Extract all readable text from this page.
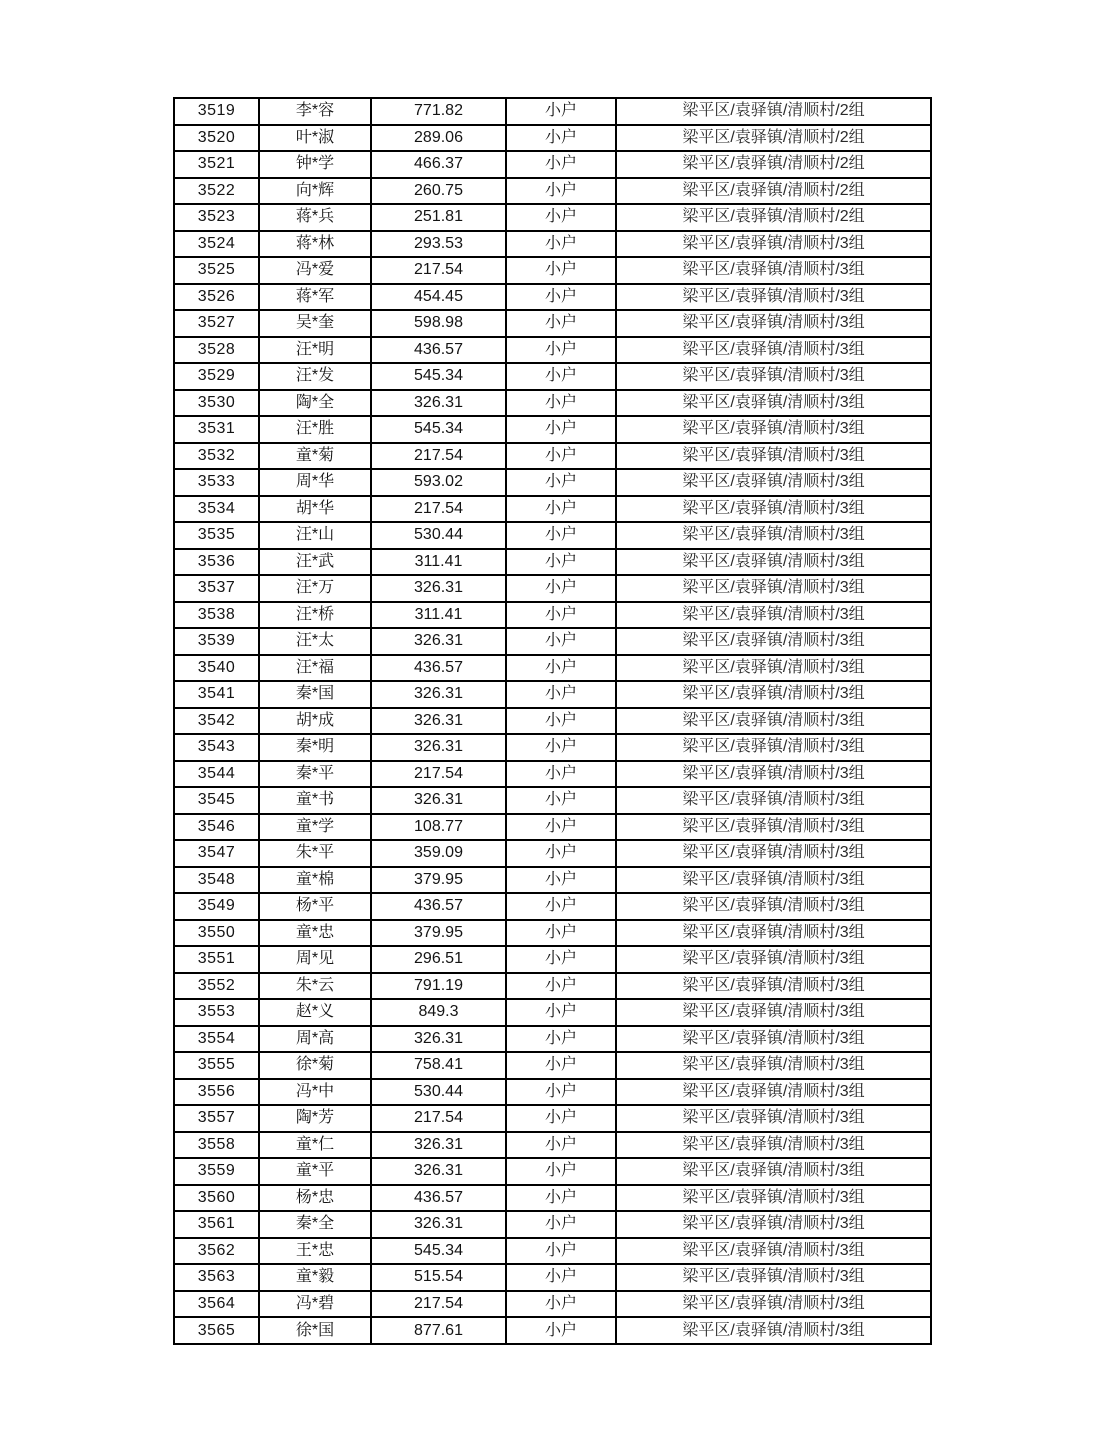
3519	李*容	771.82	小户	梁平区/袁驿镇/清顺村/2组
3520	叶*淑	289.06	小户	梁平区/袁驿镇/清顺村/2组
3521	钟*学	466.37	小户	梁平区/袁驿镇/清顺村/2组
3522	向*辉	260.75	小户	梁平区/袁驿镇/清顺村/2组
3523	蒋*兵	251.81	小户	梁平区/袁驿镇/清顺村/2组
3524	蒋*林	293.53	小户	梁平区/袁驿镇/清顺村/3组
3525	冯*爱	217.54	小户	梁平区/袁驿镇/清顺村/3组
3526	蒋*军	454.45	小户	梁平区/袁驿镇/清顺村/3组
3527	吴*奎	598.98	小户	梁平区/袁驿镇/清顺村/3组
3528	汪*明	436.57	小户	梁平区/袁驿镇/清顺村/3组
3529	汪*发	545.34	小户	梁平区/袁驿镇/清顺村/3组
3530	陶*全	326.31	小户	梁平区/袁驿镇/清顺村/3组
3531	汪*胜	545.34	小户	梁平区/袁驿镇/清顺村/3组
3532	童*菊	217.54	小户	梁平区/袁驿镇/清顺村/3组
3533	周*华	593.02	小户	梁平区/袁驿镇/清顺村/3组
3534	胡*华	217.54	小户	梁平区/袁驿镇/清顺村/3组
3535	汪*山	530.44	小户	梁平区/袁驿镇/清顺村/3组
3536	汪*武	311.41	小户	梁平区/袁驿镇/清顺村/3组
3537	汪*万	326.31	小户	梁平区/袁驿镇/清顺村/3组
3538	汪*桥	311.41	小户	梁平区/袁驿镇/清顺村/3组
3539	汪*太	326.31	小户	梁平区/袁驿镇/清顺村/3组
3540	汪*福	436.57	小户	梁平区/袁驿镇/清顺村/3组
3541	秦*国	326.31	小户	梁平区/袁驿镇/清顺村/3组
3542	胡*成	326.31	小户	梁平区/袁驿镇/清顺村/3组
3543	秦*明	326.31	小户	梁平区/袁驿镇/清顺村/3组
3544	秦*平	217.54	小户	梁平区/袁驿镇/清顺村/3组
3545	童*书	326.31	小户	梁平区/袁驿镇/清顺村/3组
3546	童*学	108.77	小户	梁平区/袁驿镇/清顺村/3组
3547	朱*平	359.09	小户	梁平区/袁驿镇/清顺村/3组
3548	童*棉	379.95	小户	梁平区/袁驿镇/清顺村/3组
3549	杨*平	436.57	小户	梁平区/袁驿镇/清顺村/3组
3550	童*忠	379.95	小户	梁平区/袁驿镇/清顺村/3组
3551	周*见	296.51	小户	梁平区/袁驿镇/清顺村/3组
3552	朱*云	791.19	小户	梁平区/袁驿镇/清顺村/3组
3553	赵*义	849.3	小户	梁平区/袁驿镇/清顺村/3组
3554	周*高	326.31	小户	梁平区/袁驿镇/清顺村/3组
3555	徐*菊	758.41	小户	梁平区/袁驿镇/清顺村/3组
3556	冯*中	530.44	小户	梁平区/袁驿镇/清顺村/3组
3557	陶*芳	217.54	小户	梁平区/袁驿镇/清顺村/3组
3558	童*仁	326.31	小户	梁平区/袁驿镇/清顺村/3组
3559	童*平	326.31	小户	梁平区/袁驿镇/清顺村/3组
3560	杨*忠	436.57	小户	梁平区/袁驿镇/清顺村/3组
3561	秦*全	326.31	小户	梁平区/袁驿镇/清顺村/3组
3562	王*忠	545.34	小户	梁平区/袁驿镇/清顺村/3组
3563	童*毅	515.54	小户	梁平区/袁驿镇/清顺村/3组
3564	冯*碧	217.54	小户	梁平区/袁驿镇/清顺村/3组
3565	徐*国	877.61	小户	梁平区/袁驿镇/清顺村/3组
